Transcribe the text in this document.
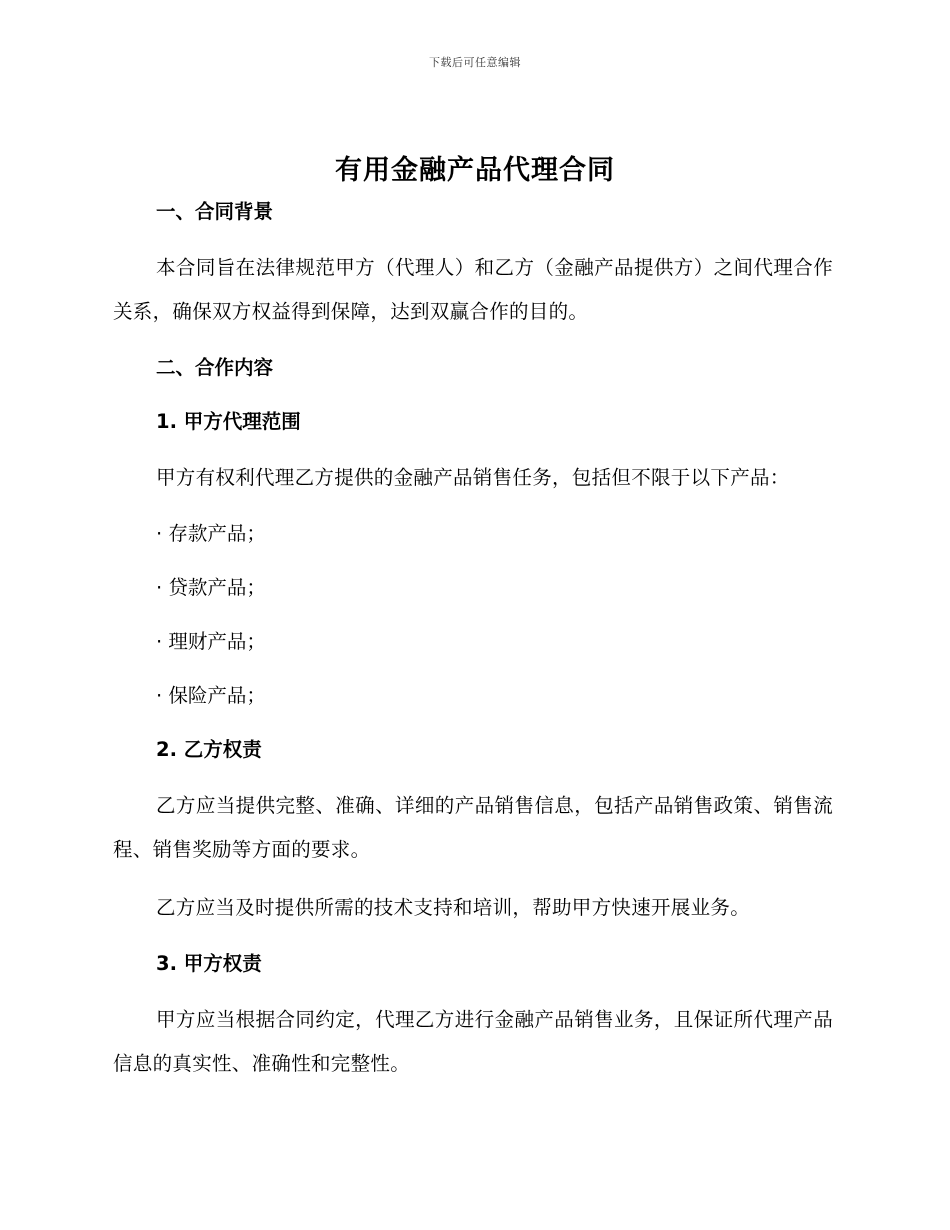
下载后可任意编辑
有用金融产品代理合同
一、合同背景

本合同旨在法律规范甲方（代理人）和乙方（金融产品提供方）之间代理合作关系，确保双方权益得到保障，达到双赢合作的目的。

二、合作内容
1. 甲方代理范围

甲方有权利代理乙方提供的金融产品销售任务，包括但不限于以下产品：

· 存款产品；

· 贷款产品；

· 理财产品；

· 保险产品；

2. 乙方权责

乙方应当提供完整、准确、详细的产品销售信息，包括产品销售政策、销售流程、销售奖励等方面的要求。

乙方应当及时提供所需的技术支持和培训，帮助甲方快速开展业务。

3. 甲方权责

甲方应当根据合同约定，代理乙方进行金融产品销售业务，且保证所代理产品信息的真实性、准确性和完整性。
